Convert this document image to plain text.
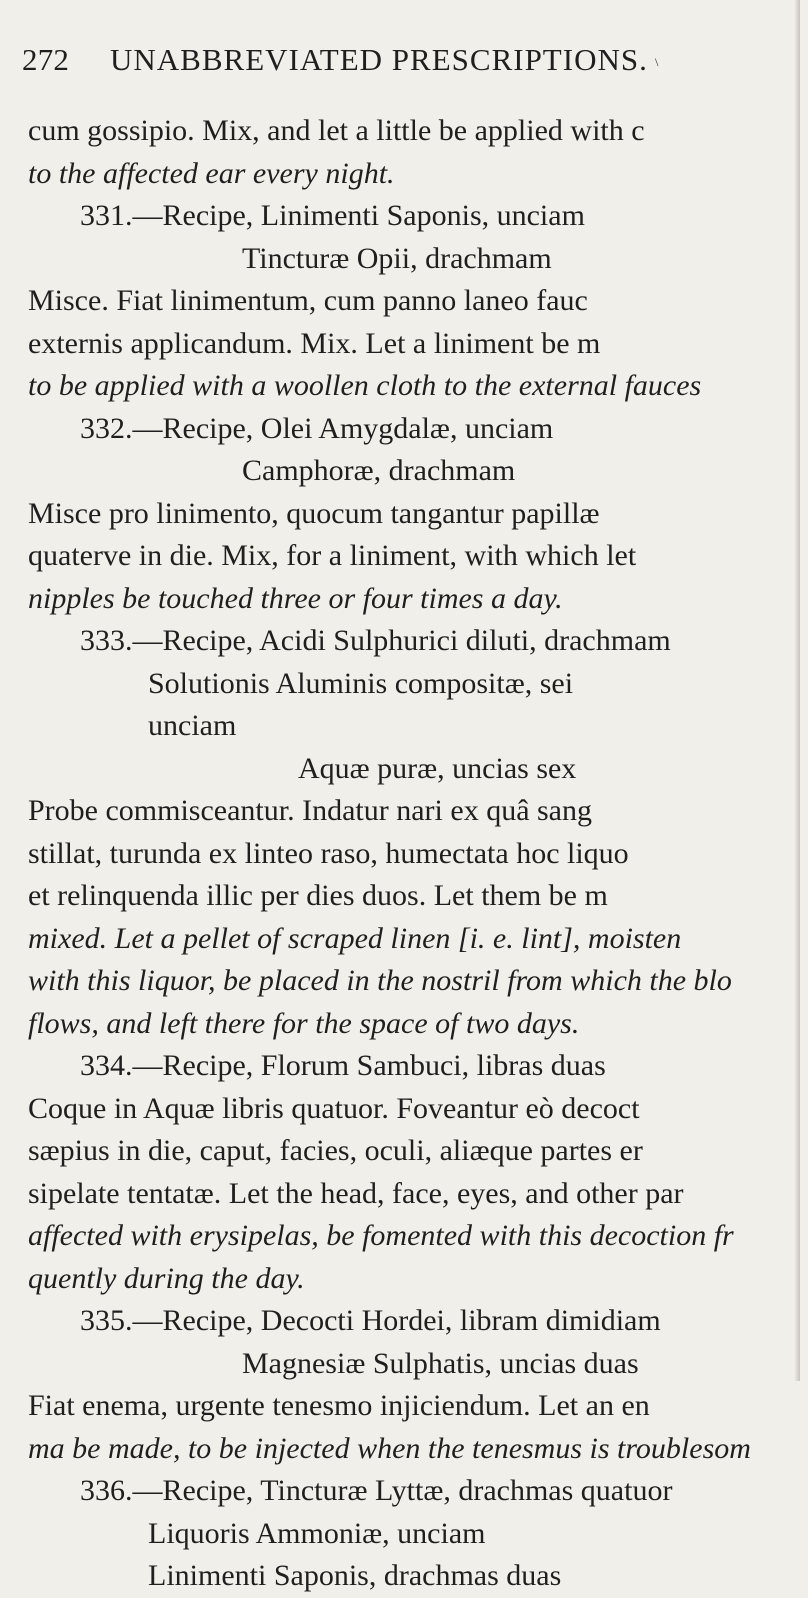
272 UNABBREVIATED PRESCRIPTIONS. \
cum gossipio. Mix, and let a little be applied with c
to the affected ear every night.
331.—Recipe, Linimenti Saponis, unciam
Tincturæ Opii, drachmam
Misce. Fiat linimentum, cum panno laneo fauc
externis applicandum. Mix. Let a liniment be m
to be applied with a woollen cloth to the external fauces
332.—Recipe, Olei Amygdalæ, unciam
Camphoræ, drachmam
Misce pro linimento, quocum tangantur papillæ
quaterve in die. Mix, for a liniment, with which let
nipples be touched three or four times a day.
333.—Recipe, Acidi Sulphurici diluti, drachmam
Solutionis Aluminis compositæ, sei
unciam
Aquæ puræ, uncias sex
Probe commisceantur. Indatur nari ex quâ sang
stillat, turunda ex linteo raso, humectata hoc liquo
et relinquenda illic per dies duos. Let them be m
mixed. Let a pellet of scraped linen [i. e. lint], moisten
with this liquor, be placed in the nostril from which the blo
flows, and left there for the space of two days.
334.—Recipe, Florum Sambuci, libras duas
Coque in Aquæ libris quatuor. Foveantur eò decoct
sæpius in die, caput, facies, oculi, aliæque partes er
sipelate tentatæ. Let the head, face, eyes, and other par
affected with erysipelas, be fomented with this decoction fr
quently during the day.
335.—Recipe, Decocti Hordei, libram dimidiam
Magnesiæ Sulphatis, uncias duas
Fiat enema, urgente tenesmo injiciendum. Let an en
ma be made, to be injected when the tenesmus is troublesom
336.—Recipe, Tincturæ Lyttæ, drachmas quatuor
Liquoris Ammoniæ, unciam
Linimenti Saponis, drachmas duas
